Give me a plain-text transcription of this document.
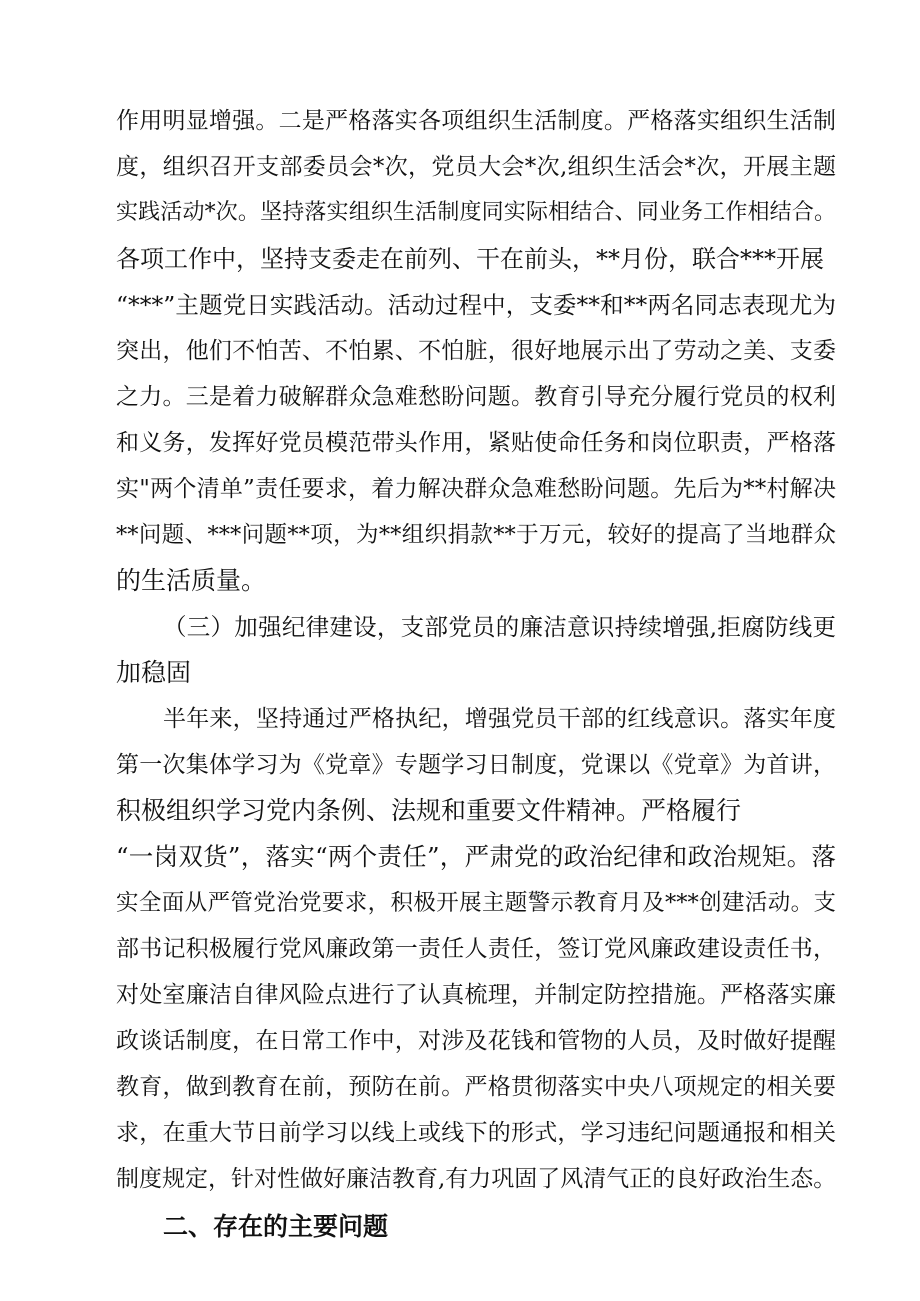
作用明显增强。二是严格落实各项组织生活制度。严格落实组织生活制
度，组织召开支部委员会*次，党员大会*次,组织生活会*次，开展主题
实践活动*次。坚持落实组织生活制度同实际相结合、同业务工作相结合。
各项工作中，坚持支委走在前列、干在前头，**月份，联合***开展
“***”主题党日实践活动。活动过程中，支委**和**两名同志表现尤为
突出，他们不怕苦、不怕累、不怕脏，很好地展示出了劳动之美、支委
之力。三是着力破解群众急难愁盼问题。教育引导充分履行党员的权利
和义务，发挥好党员模范带头作用，紧贴使命任务和岗位职责，严格落
实"两个清单”责任要求，着力解决群众急难愁盼问题。先后为**村解决
**问题、***问题**项，为**组织捐款**于万元，较好的提高了当地群众
的生活质量。
（三）加强纪律建设，支部党员的廉洁意识持续增强,拒腐防线更
加稳固
半年来，坚持通过严格执纪，增强党员干部的红线意识。落实年度
第一次集体学习为《党章》专题学习日制度，党课以《党章》为首讲，
积极组织学习党内条例、法规和重要文件精神。严格履行
“一岗双货”，落实“两个责任”，严肃党的政治纪律和政治规矩。落
实全面从严管党治党要求，积极开展主题警示教育月及***创建活动。支
部书记积极履行党风廉政第一责任人责任，签订党风廉政建设责任书，
对处室廉洁自律风险点进行了认真梳理，并制定防控措施。严格落实廉
政谈话制度，在日常工作中，对涉及花钱和管物的人员，及时做好提醒
教育，做到教育在前，预防在前。严格贯彻落实中央八项规定的相关要
求，在重大节日前学习以线上或线下的形式，学习违纪问题通报和相关
制度规定，针对性做好廉洁教育,有力巩固了风清气正的良好政治生态。
二、存在的主要问题
